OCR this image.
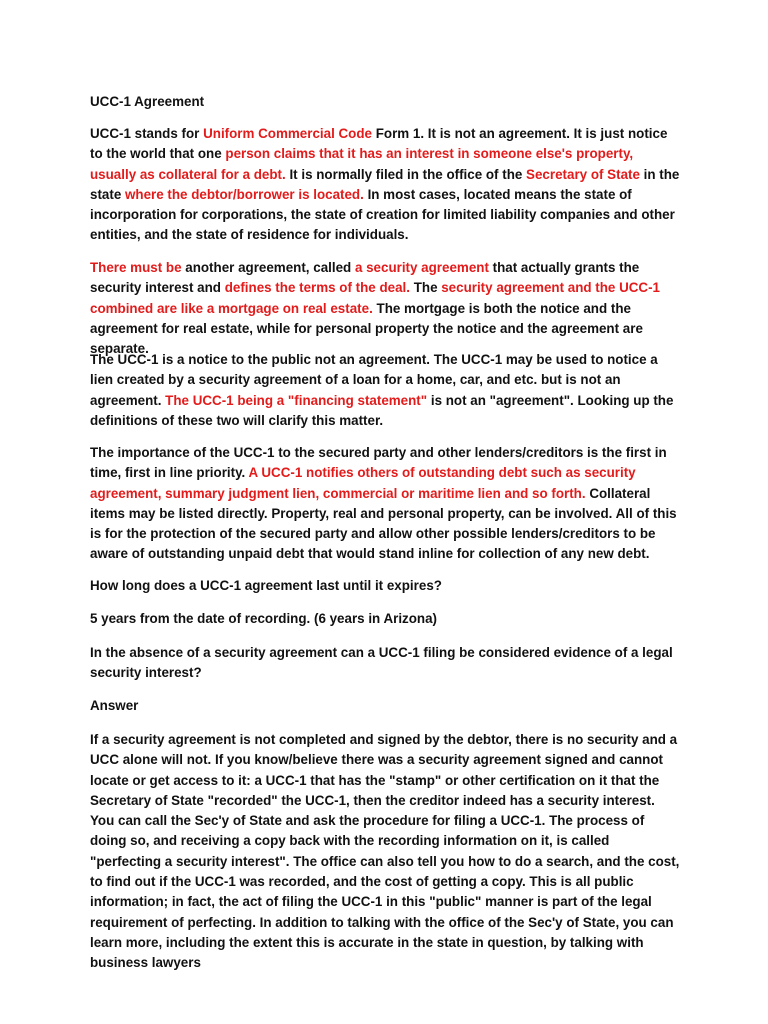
UCC-1 Agreement

UCC-1 stands for Uniform Commercial Code Form 1. It is not an agreement. It is just notice to the world that one person claims that it has an interest in someone else's property, usually as collateral for a debt. It is normally filed in the office of the Secretary of State in the state where the debtor/borrower is located. In most cases, located means the state of incorporation for corporations, the state of creation for limited liability companies and other entities, and the state of residence for individuals.

There must be another agreement, called a security agreement that actually grants the security interest and defines the terms of the deal. The security agreement and the UCC-1 combined are like a mortgage on real estate. The mortgage is both the notice and the agreement for real estate, while for personal property the notice and the agreement are separate.

The UCC-1 is a notice to the public not an agreement. The UCC-1 may be used to notice a lien created by a security agreement of a loan for a home, car, and etc. but is not an agreement. The UCC-1 being a "financing statement" is not an "agreement". Looking up the definitions of these two will clarify this matter.

The importance of the UCC-1 to the secured party and other lenders/creditors is the first in time, first in line priority. A UCC-1 notifies others of outstanding debt such as security agreement, summary judgment lien, commercial or maritime lien and so forth. Collateral items may be listed directly. Property, real and personal property, can be involved. All of this is for the protection of the secured party and allow other possible lenders/creditors to be aware of outstanding unpaid debt that would stand inline for collection of any new debt.

How long does a UCC-1 agreement last until it expires?

5 years from the date of recording. (6 years in Arizona)

In the absence of a security agreement can a UCC-1 filing be considered evidence of a legal security interest?

Answer

If a security agreement is not completed and signed by the debtor, there is no security and a UCC alone will not. If you know/believe there was a security agreement signed and cannot locate or get access to it: a UCC-1 that has the "stamp" or other certification on it that the Secretary of State "recorded" the UCC-1, then the creditor indeed has a security interest. You can call the Sec'y of State and ask the procedure for filing a UCC-1. The process of doing so, and receiving a copy back with the recording information on it, is called "perfecting a security interest". The office can also tell you how to do a search, and the cost, to find out if the UCC-1 was recorded, and the cost of getting a copy. This is all public information; in fact, the act of filing the UCC-1 in this "public" manner is part of the legal requirement of perfecting. In addition to talking with the office of the Sec'y of State, you can learn more, including the extent this is accurate in the state in question, by talking with business lawyers
